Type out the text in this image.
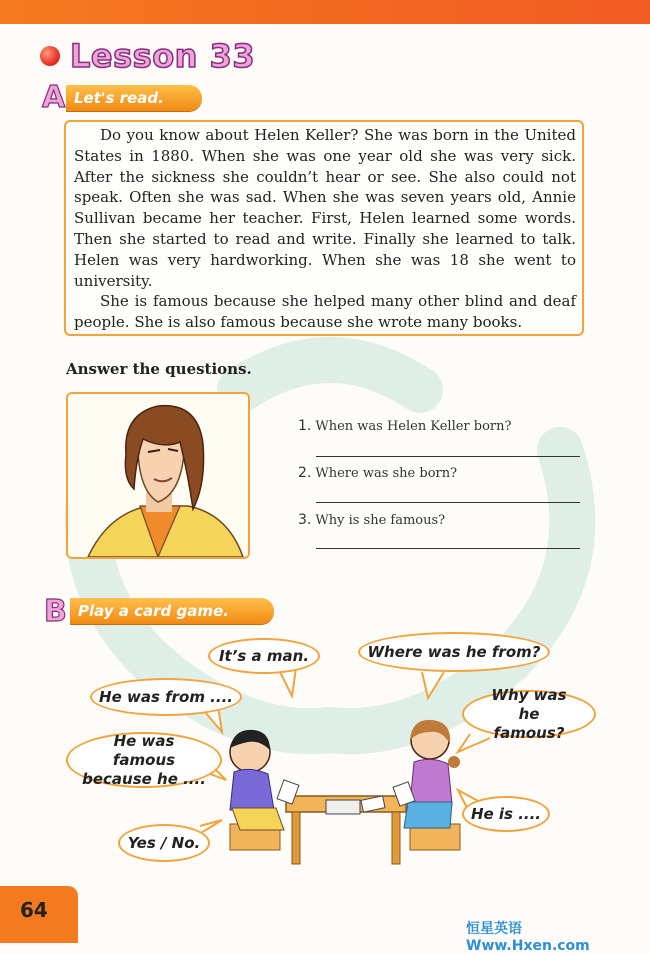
Lesson 33
A Let's read.

Do you know about Helen Keller? She was born in the United States in 1880. When she was one year old she was very sick. After the sickness she couldn’t hear or see. She also could not speak. Often she was sad. When she was seven years old, Annie Sullivan became her teacher. First, Helen learned some words. Then she started to read and write. Finally she learned to talk. Helen was very hardworking. When she was 18 she went to university.

She is famous because she helped many other blind and deaf people. She is also famous because she wrote many books.

Answer the questions.
1. When was Helen Keller born?
2. Where was she born?
3. Why is she famous?
B Play a card game.
It’s a man.	Where was he from?
He was from ....	Why was he famous?
He was famous because he ....
He is ....
Yes / No.
64
恒星英语 Www.Hxen.com
